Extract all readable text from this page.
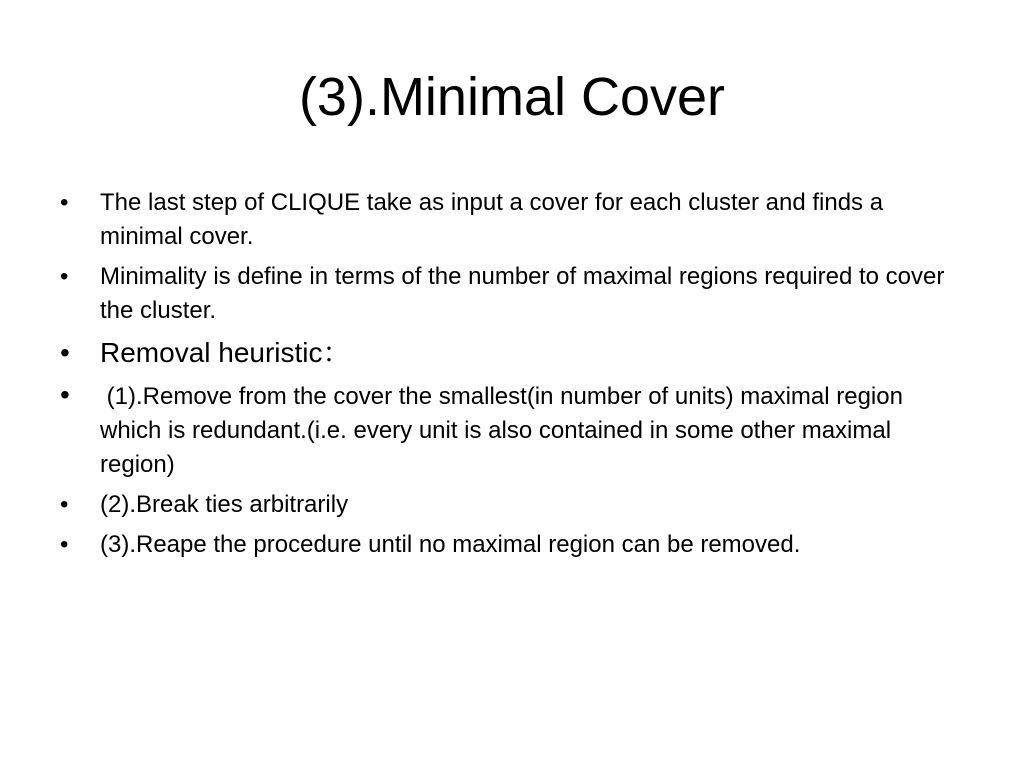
(3).Minimal Cover
• The last step of CLIQUE take as input a cover for each cluster and finds a minimal cover.
• Minimality is define in terms of the number of maximal regions required to cover the cluster.
• Removal heuristic：
• (1).Remove from the cover the smallest(in number of units) maximal region which is redundant.(i.e. every unit is also contained in some other maximal region)
• (2).Break ties arbitrarily
• (3).Reape the procedure until no maximal region can be removed.
